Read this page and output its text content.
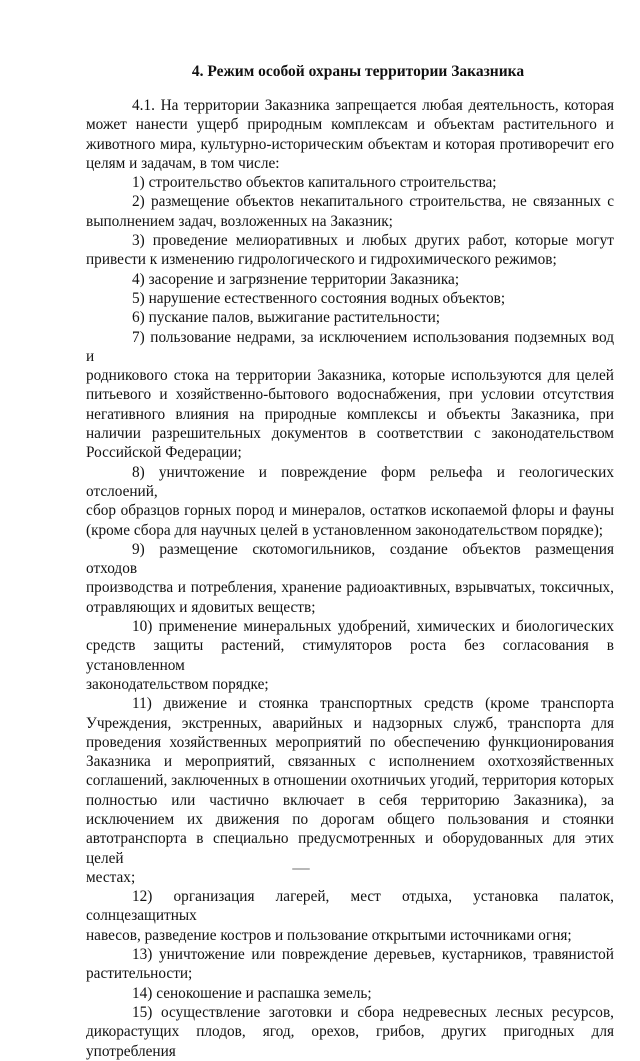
4. Режим особой охраны территории Заказника

4.1. На территории Заказника запрещается любая деятельность, которая
может нанести ущерб природным комплексам и объектам растительного и
животного мира, культурно-историческим объектам и которая противоречит его
целям и задачам, в том числе:

1) строительство объектов капитального строительства;

2) размещение объектов некапитального строительства, не связанных с
выполнением задач, возложенных на Заказник;

3) проведение мелиоративных и любых других работ, которые могут
привести к изменению гидрологического и гидрохимического режимов;

4) засорение и загрязнение территории Заказника;

5) нарушение естественного состояния водных объектов;

6) пускание палов, выжигание растительности;

7) пользование недрами, за исключением использования подземных вод и
родникового стока на территории Заказника, которые используются для целей
питьевого и хозяйственно-бытового водоснабжения, при условии отсутствия
негативного влияния на природные комплексы и объекты Заказника, при
наличии разрешительных документов в соответствии с законодательством
Российской Федерации;

8) уничтожение и повреждение форм рельефа и геологических отслоений,
сбор образцов горных пород и минералов, остатков ископаемой флоры и фауны
(кроме сбора для научных целей в установленном законодательством порядке);

9) размещение скотомогильников, создание объектов размещения отходов
производства и потребления, хранение радиоактивных, взрывчатых, токсичных,
отравляющих и ядовитых веществ;

10) применение минеральных удобрений, химических и биологических
средств защиты растений, стимуляторов роста без согласования в установленном
законодательством порядке;

11) движение и стоянка транспортных средств (кроме транспорта
Учреждения, экстренных, аварийных и надзорных служб, транспорта для
проведения хозяйственных мероприятий по обеспечению функционирования
Заказника и мероприятий, связанных с исполнением охотхозяйственных
соглашений, заключенных в отношении охотничьих угодий, территория которых
полностью или частично включает в себя территорию Заказника), за
исключением их движения по дорогам общего пользования и стоянки
автотранспорта в специально предусмотренных и оборудованных для этих целей
местах;

12) организация лагерей, мест отдыха, установка палаток, солнцезащитных
навесов, разведение костров и пользование открытыми источниками огня;

13) уничтожение или повреждение деревьев, кустарников, травянистой
растительности;

14) сенокошение и распашка земель;

15) осуществление заготовки и сбора недревесных лесных ресурсов,
дикорастущих плодов, ягод, орехов, грибов, других пригодных для употребления
